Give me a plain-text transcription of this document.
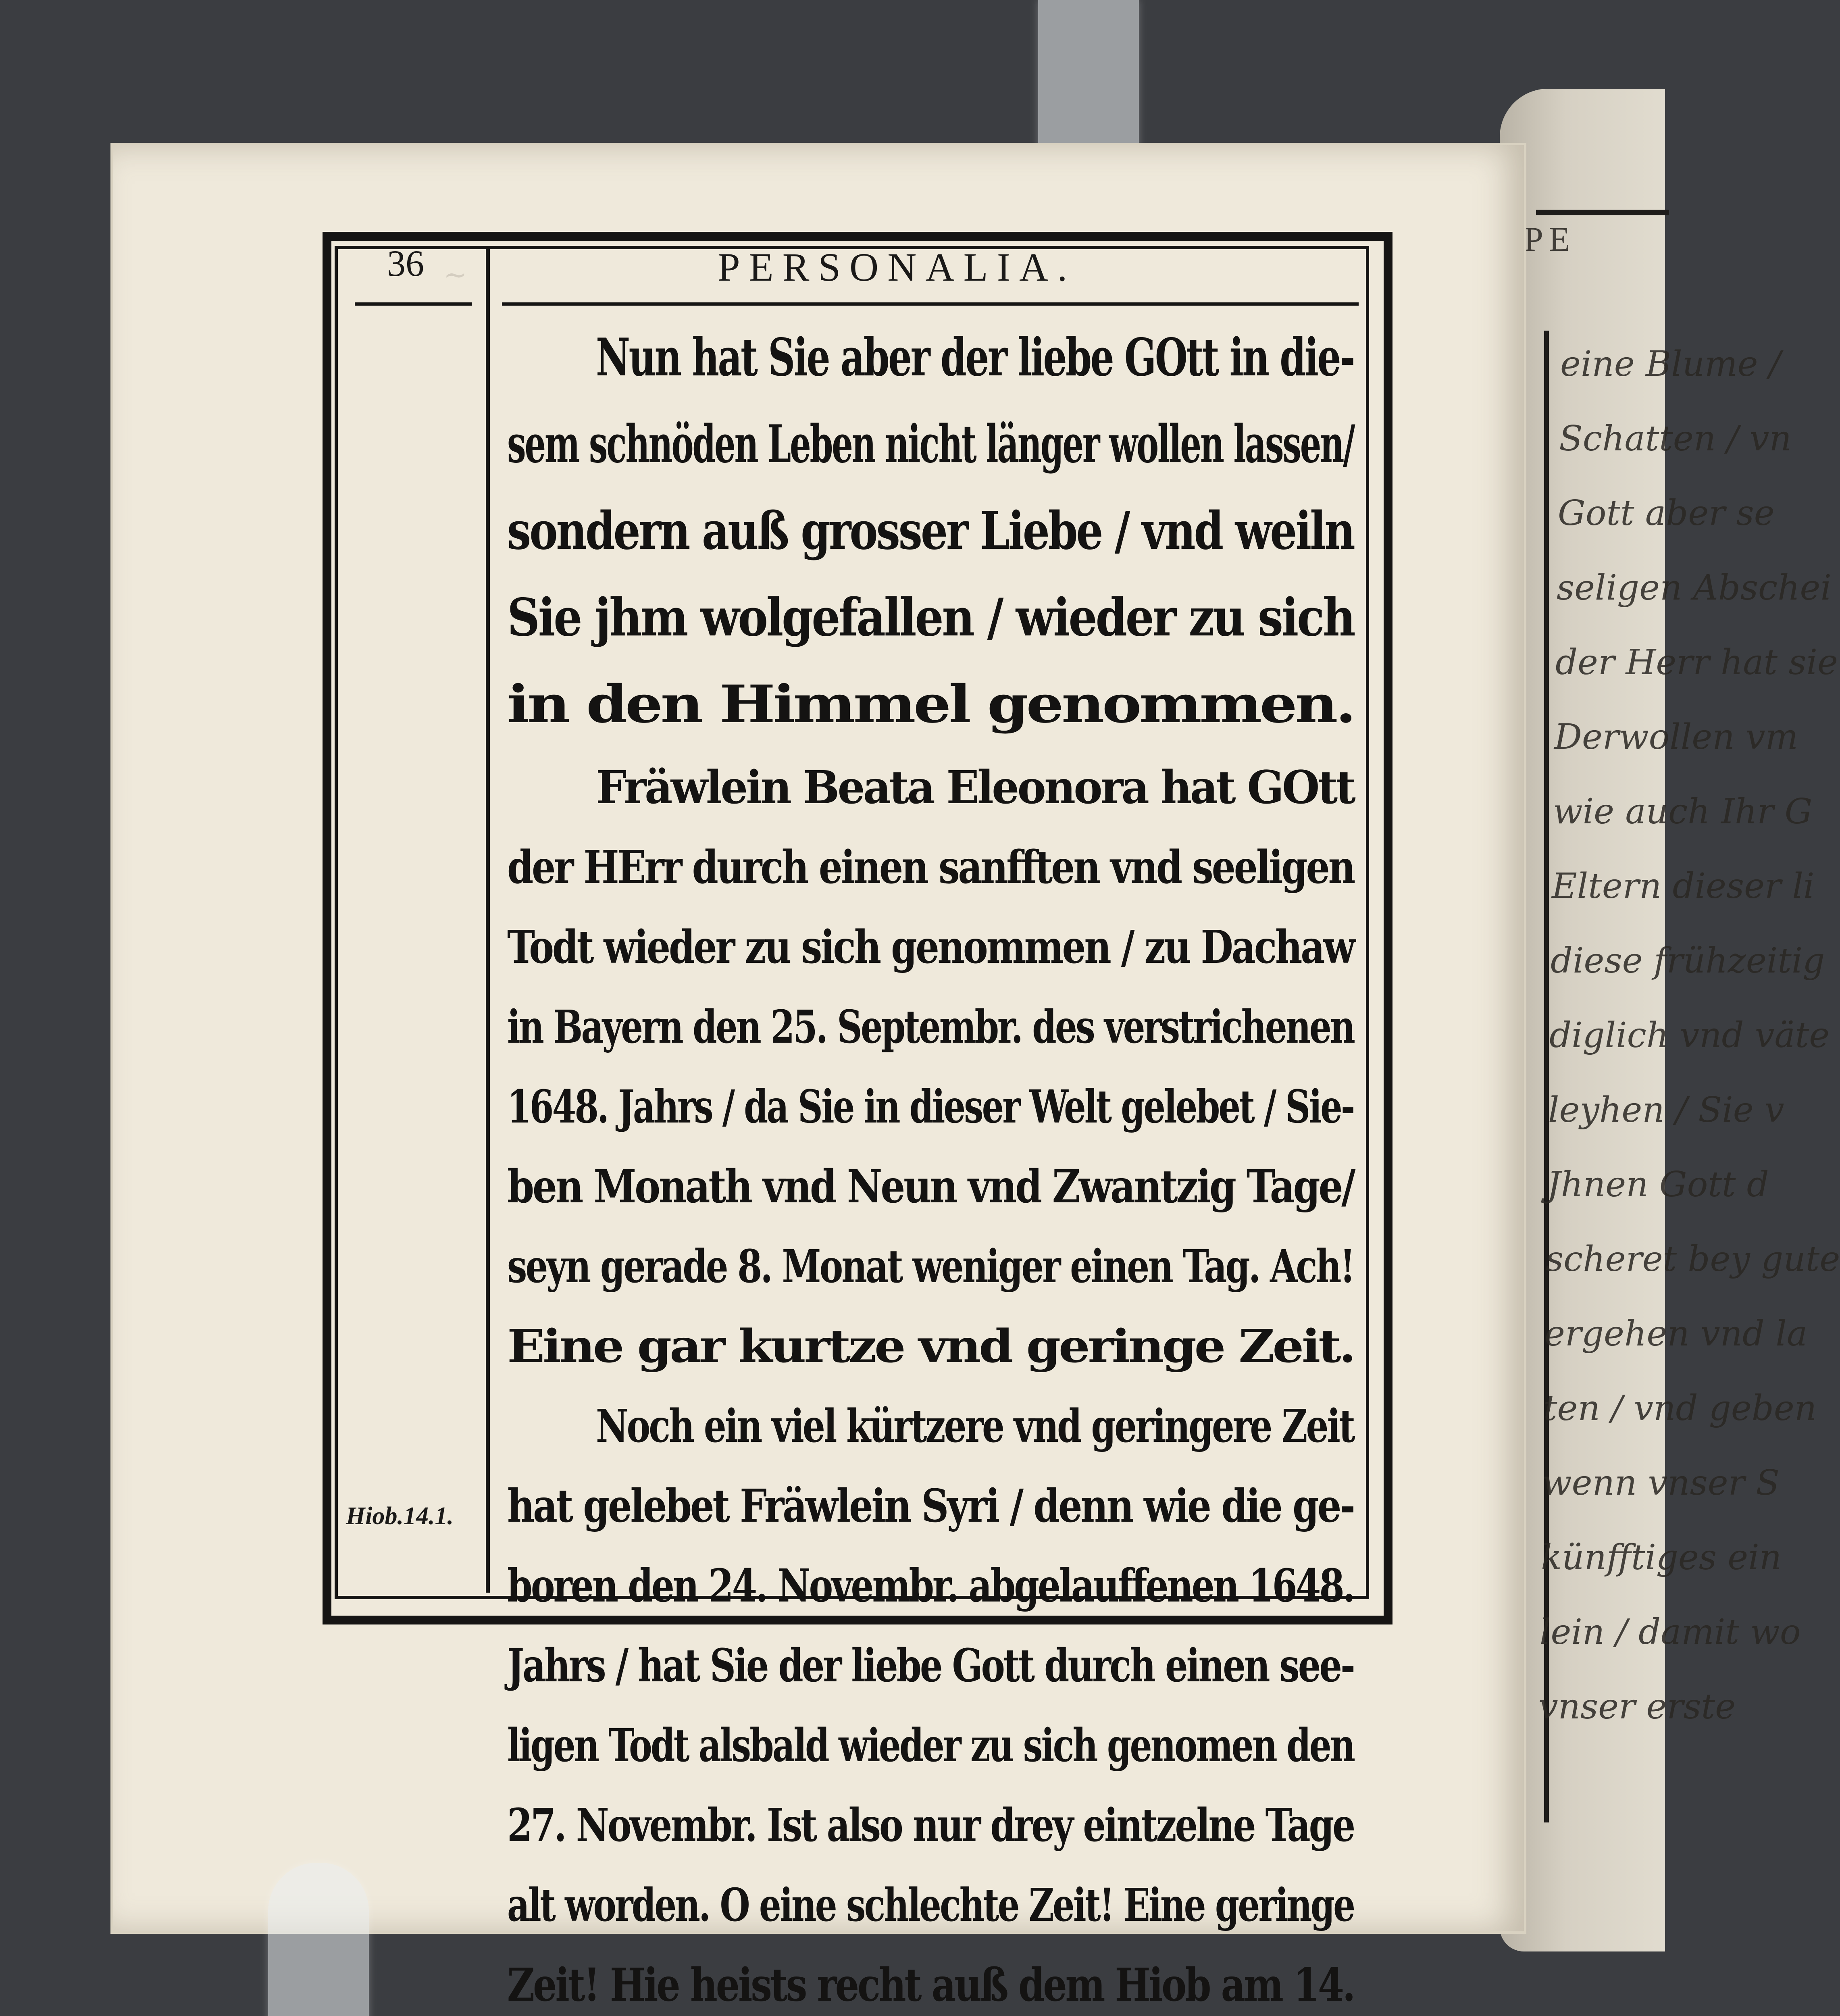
PE
eine Blume /
Schatten / vn
Gott aber se
seligen Abschei
der Herr hat sie
Derwollen vm
wie auch Ihr G
Eltern dieser li
diese frühzeitig
diglich vnd väte
leyhen / Sie v
Jhnen Gott d
scheret bey gute
ergehen vnd la
ten / vnd geben
wenn vnser S
künfftiges ein
lein / damit wo
vnser erste
~
36	PERSONALIA.
Nun hat Sie aber der liebe GOtt in die-
sem schnöden Leben nicht länger wollen lassen/
sondern auß grosser Liebe / vnd weiln
Sie jhm wolgefallen / wieder zu sich
in den Himmel genommen.
Fräwlein Beata Eleonora hat GOtt
der HErr durch einen sanfften vnd seeligen
Todt wieder zu sich genommen / zu Dachaw
in Bayern den 25. Septembr. des verstrichenen
1648. Jahrs / da Sie in dieser Welt gelebet / Sie-
ben Monath vnd Neun vnd Zwantzig Tage/
seyn gerade 8. Monat weniger einen Tag. Ach!
Eine gar kurtze vnd geringe Zeit.
Noch ein viel kürtzere vnd geringere Zeit
hat gelebet Fräwlein Syri / denn wie die ge-
boren den 24. Novembr. abgelauffenen 1648.
Jahrs / hat Sie der liebe Gott durch einen see-
ligen Todt alsbald wieder zu sich genomen den
27. Novembr. Ist also nur drey eintzelne Tage
alt worden. O eine schlechte Zeit! Eine geringe
Zeit! Hie heists recht auß dem Hiob am 14.
Hiob.14.1.
